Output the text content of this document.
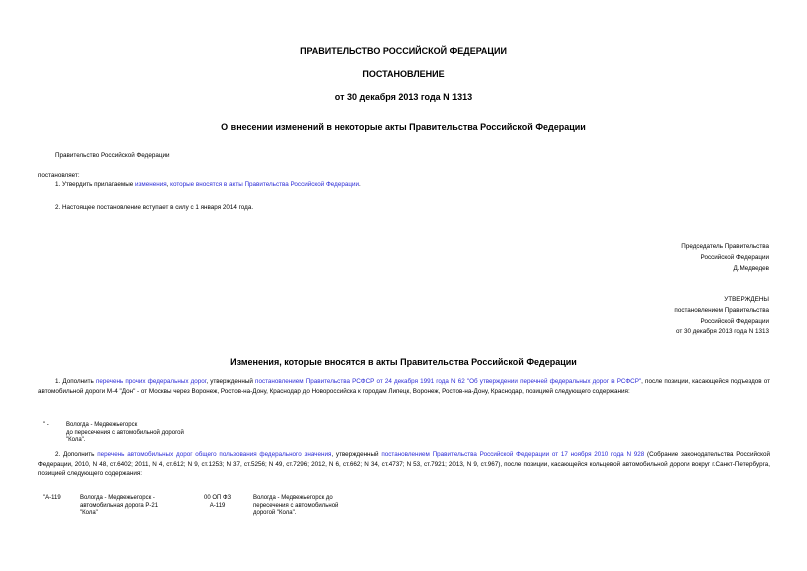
ПРАВИТЕЛЬСТВО РОССИЙСКОЙ ФЕДЕРАЦИИ
ПОСТАНОВЛЕНИЕ
от 30 декабря 2013 года N 1313
О внесении изменений в некоторые акты Правительства Российской Федерации
Правительство Российской Федерации
постановляет:
1. Утвердить прилагаемые изменения, которые вносятся в акты Правительства Российской Федерации.
2. Настоящее постановление вступает в силу с 1 января 2014 года.
Председатель Правительства
Российской Федерации
Д.Медведев
УТВЕРЖДЕНЫ
постановлением Правительства
Российской Федерации
от 30 декабря 2013 года N 1313
Изменения, которые вносятся в акты Правительства Российской Федерации
1. Дополнить перечень прочих федеральных дорог, утвержденный постановлением Правительства РСФСР от 24 декабря 1991 года N 62 "Об утверждении перечней федеральных дорог в РСФСР", после позиции, касающейся подъездов от автомобильной дороги М-4 "Дон" - от Москвы через Воронеж, Ростов-на-Дону, Краснодар до Новороссийска к городам Липецк, Воронеж, Ростов-на-Дону, Краснодар, позицией следующего содержания:
" -	Вологда - Медвежьегорск
до пересечения с автомобильной дорогой
"Кола".
2. Дополнить перечень автомобильных дорог общего пользования федерального значения, утвержденный постановлением Правительства Российской Федерации от 17 ноября 2010 года N 928 (Собрание законодательства Российской Федерации, 2010, N 48, ст.6402; 2011, N 4, ст.612; N 9, ст.1253; N 37, ст.5256; N 49, ст.7296; 2012, N 6, ст.662; N 34, ст.4737; N 53, ст.7921; 2013, N 9, ст.967), после позиции, касающейся кольцевой автомобильной дороги вокруг г.Санкт-Петербурга, позицией следующего содержания:
"А-119	Вологда - Медвежьегорск -
автомобильная дорога Р-21
"Кола"
00 ОП ФЗ
А-119
Вологда - Медвежьегорск до
пересечения с автомобильной
дорогой "Кола".
